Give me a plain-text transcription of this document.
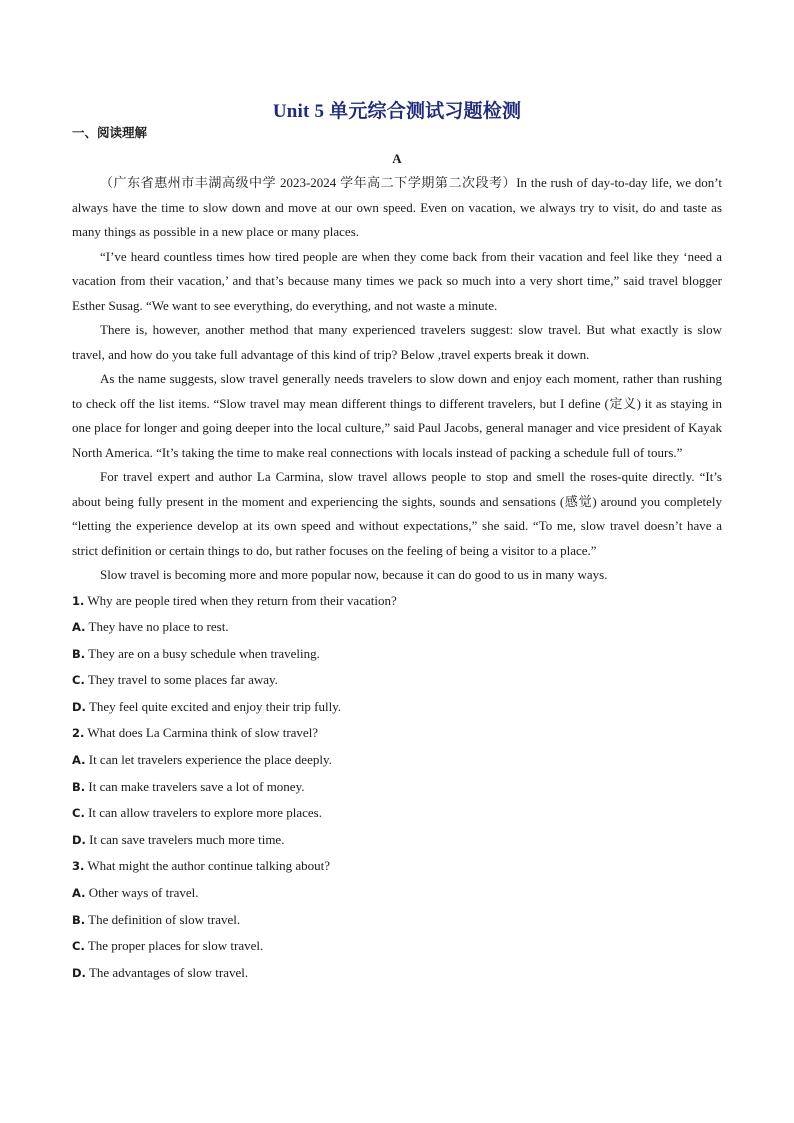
Unit 5 单元综合测试习题检测
一、阅读理解
A

（广东省惠州市丰湖高级中学 2023-2024 学年高二下学期第二次段考）In the rush of day-to-day life, we don’t always have the time to slow down and move at our own speed. Even on vacation, we always try to visit, do and taste as many things as possible in a new place or many places.

“I’ve heard countless times how tired people are when they come back from their vacation and feel like they ‘need a vacation from their vacation,’ and that’s because many times we pack so much into a very short time,” said travel blogger Esther Susag. “We want to see everything, do everything, and not waste a minute.

There is, however, another method that many experienced travelers suggest: slow travel. But what exactly is slow travel, and how do you take full advantage of this kind of trip? Below ,travel experts break it down.

As the name suggests, slow travel generally needs travelers to slow down and enjoy each moment, rather than rushing to check off the list items. “Slow travel may mean different things to different travelers, but I define (定义) it as staying in one place for longer and going deeper into the local culture,” said Paul Jacobs, general manager and vice president of Kayak North America. “It’s taking the time to make real connections with locals instead of packing a schedule full of tours.”

For travel expert and author La Carmina, slow travel allows people to stop and smell the roses-quite directly. “It’s about being fully present in the moment and experiencing the sights, sounds and sensations (感觉) around you completely “letting the experience develop at its own speed and without expectations,” she said. “To me, slow travel doesn’t have a strict definition or certain things to do, but rather focuses on the feeling of being a visitor to a place.”

Slow travel is becoming more and more popular now, because it can do good to us in many ways.

1. Why are people tired when they return from their vacation?

A. They have no place to rest.

B. They are on a busy schedule when traveling.

C. They travel to some places far away.

D. They feel quite excited and enjoy their trip fully.

2. What does La Carmina think of slow travel?

A. It can let travelers experience the place deeply.

B. It can make travelers save a lot of money.

C. It can allow travelers to explore more places.

D. It can save travelers much more time.

3. What might the author continue talking about?

A. Other ways of travel.

B. The definition of slow travel.

C. The proper places for slow travel.

D. The advantages of slow travel.
